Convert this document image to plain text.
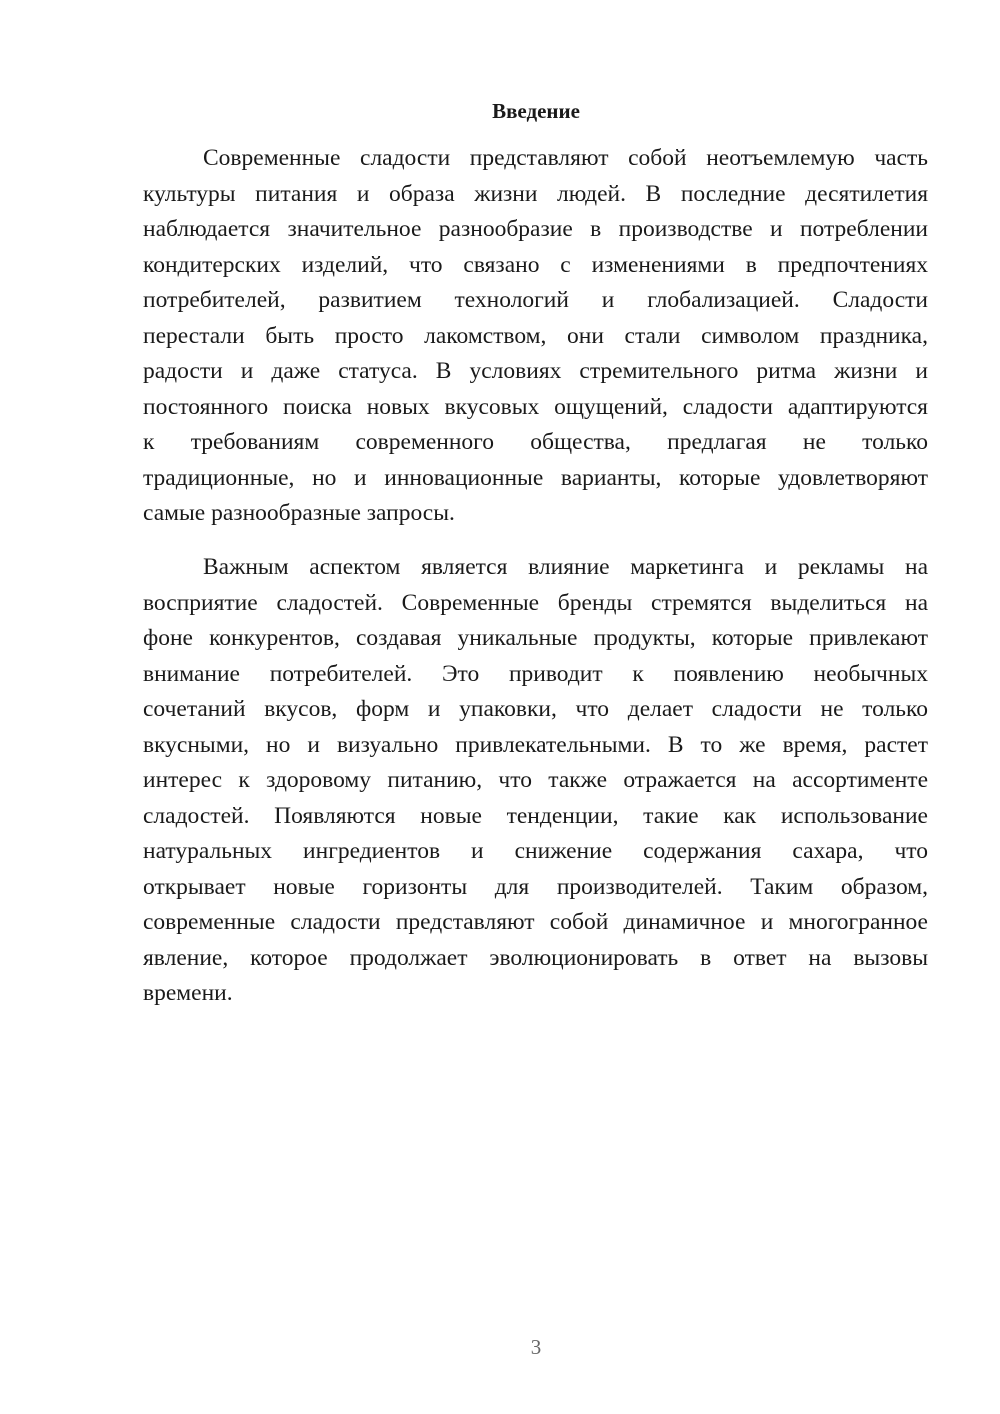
Введение
Современные сладости представляют собой неотъемлемую часть
культуры питания и образа жизни людей. В последние десятилетия
наблюдается значительное разнообразие в производстве и потреблении
кондитерских изделий, что связано с изменениями в предпочтениях
потребителей, развитием технологий и глобализацией. Сладости
перестали быть просто лакомством, они стали символом праздника,
радости и даже статуса. В условиях стремительного ритма жизни и
постоянного поиска новых вкусовых ощущений, сладости адаптируются
к требованиям современного общества, предлагая не только
традиционные, но и инновационные варианты, которые удовлетворяют
самые разнообразные запросы.
Важным аспектом является влияние маркетинга и рекламы на
восприятие сладостей. Современные бренды стремятся выделиться на
фоне конкурентов, создавая уникальные продукты, которые привлекают
внимание потребителей. Это приводит к появлению необычных
сочетаний вкусов, форм и упаковки, что делает сладости не только
вкусными, но и визуально привлекательными. В то же время, растет
интерес к здоровому питанию, что также отражается на ассортименте
сладостей. Появляются новые тенденции, такие как использование
натуральных ингредиентов и снижение содержания сахара, что
открывает новые горизонты для производителей. Таким образом,
современные сладости представляют собой динамичное и многогранное
явление, которое продолжает эволюционировать в ответ на вызовы
времени.
3
